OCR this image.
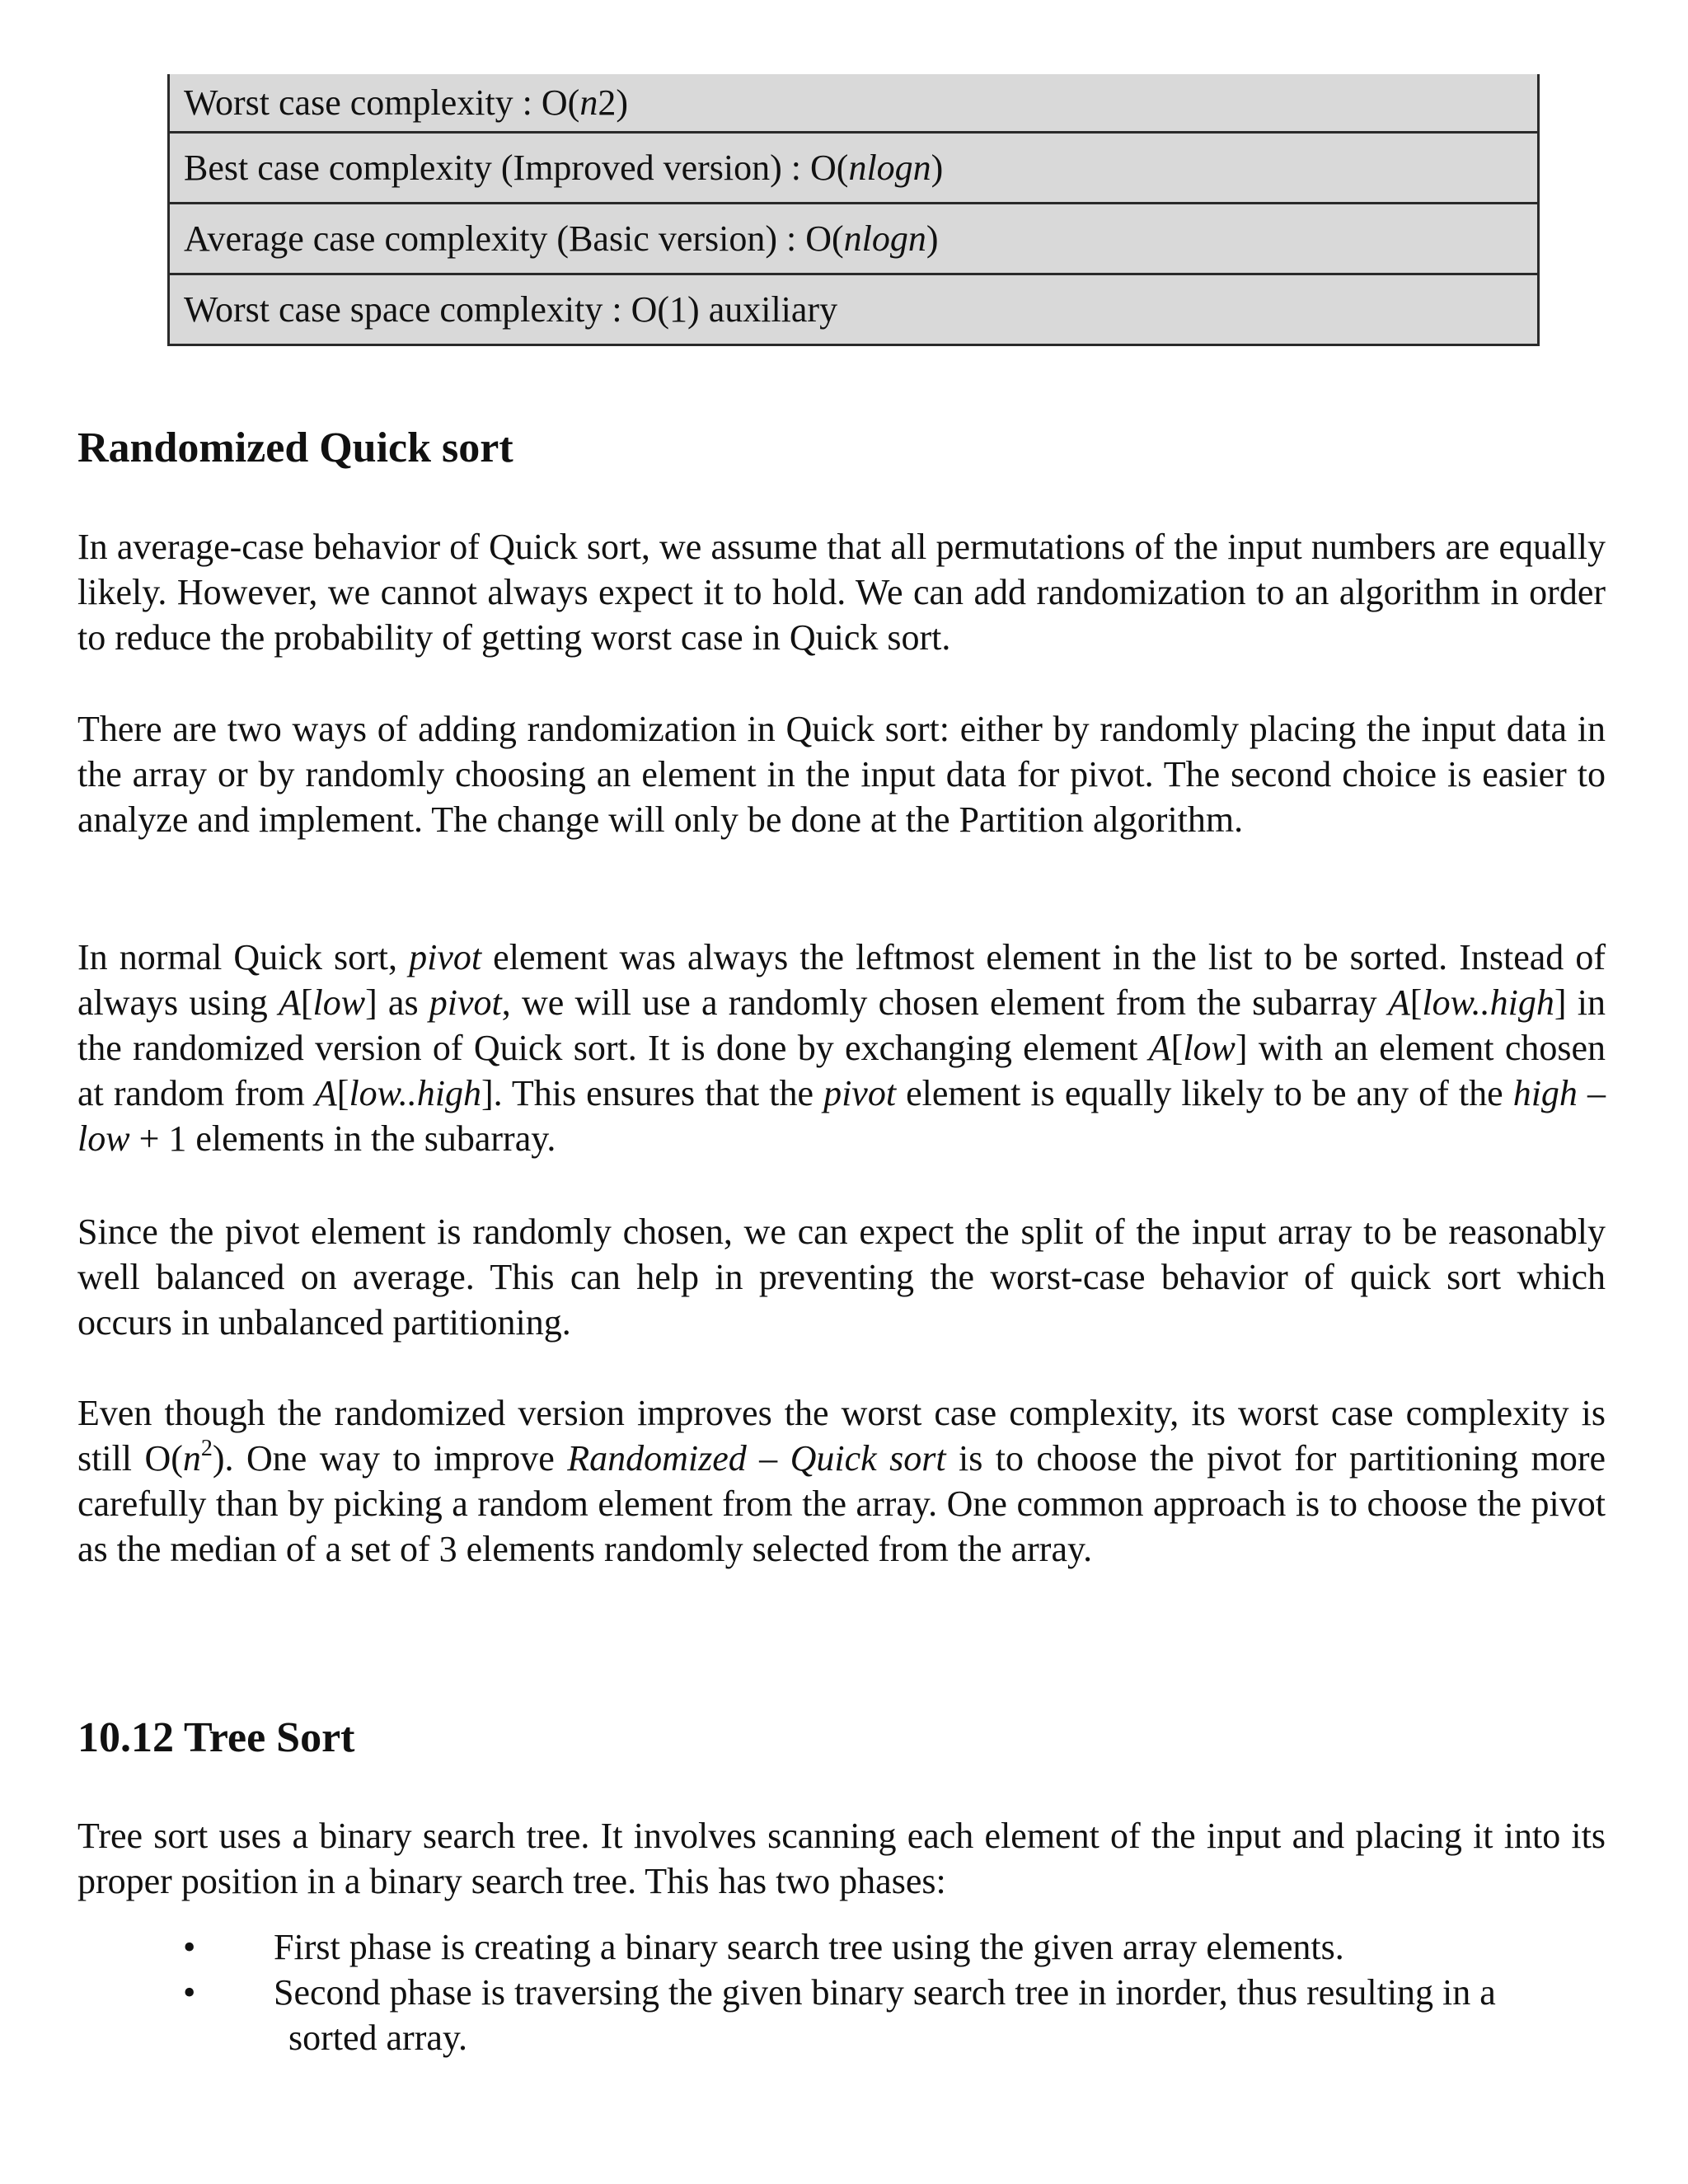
Worst case complexity : O( n 2)
Best case complexity (Improved version) : O( nlogn )
Average case complexity (Basic version) : O( nlogn )
Worst case space complexity : O(1) auxiliary
Randomized Quick sort

In average-case behavior of Quick sort, we assume that all permutations of the input numbers are equally likely. However, we cannot always expect it to hold. We can add randomization to an algorithm in order to reduce the probability of getting worst case in Quick sort.

There are two ways of adding randomization in Quick sort: either by randomly placing the input data in the array or by randomly choosing an element in the input data for pivot. The second choice is easier to analyze and implement. The change will only be done at the Partition algorithm.

In normal Quick sort, pivot element was always the leftmost element in the list to be sorted. Instead of always using A[low] as pivot, we will use a randomly chosen element from the subarray A[low..high] in the randomized version of Quick sort. It is done by exchanging element A[low] with an element chosen at random from A[low..high]. This ensures that the pivot element is equally likely to be any of the high – low + 1 elements in the subarray.

Since the pivot element is randomly chosen, we can expect the split of the input array to be reasonably well balanced on average. This can help in preventing the worst-case behavior of quick sort which occurs in unbalanced partitioning.

Even though the randomized version improves the worst case complexity, its worst case complexity is still $O(n^2)$. One way to improve Randomized – Quick sort is to choose the pivot for partitioning more carefully than by picking a random element from the array. One common approach is to choose the pivot as the median of a set of 3 elements randomly selected from the array.

10.12 Tree Sort

Tree sort uses a binary search tree. It involves scanning each element of the input and placing it into its proper position in a binary search tree. This has two phases:

• First phase is creating a binary search tree using the given array elements.
• Second phase is traversing the given binary search tree in inorder, thus resulting in a
sorted array.
